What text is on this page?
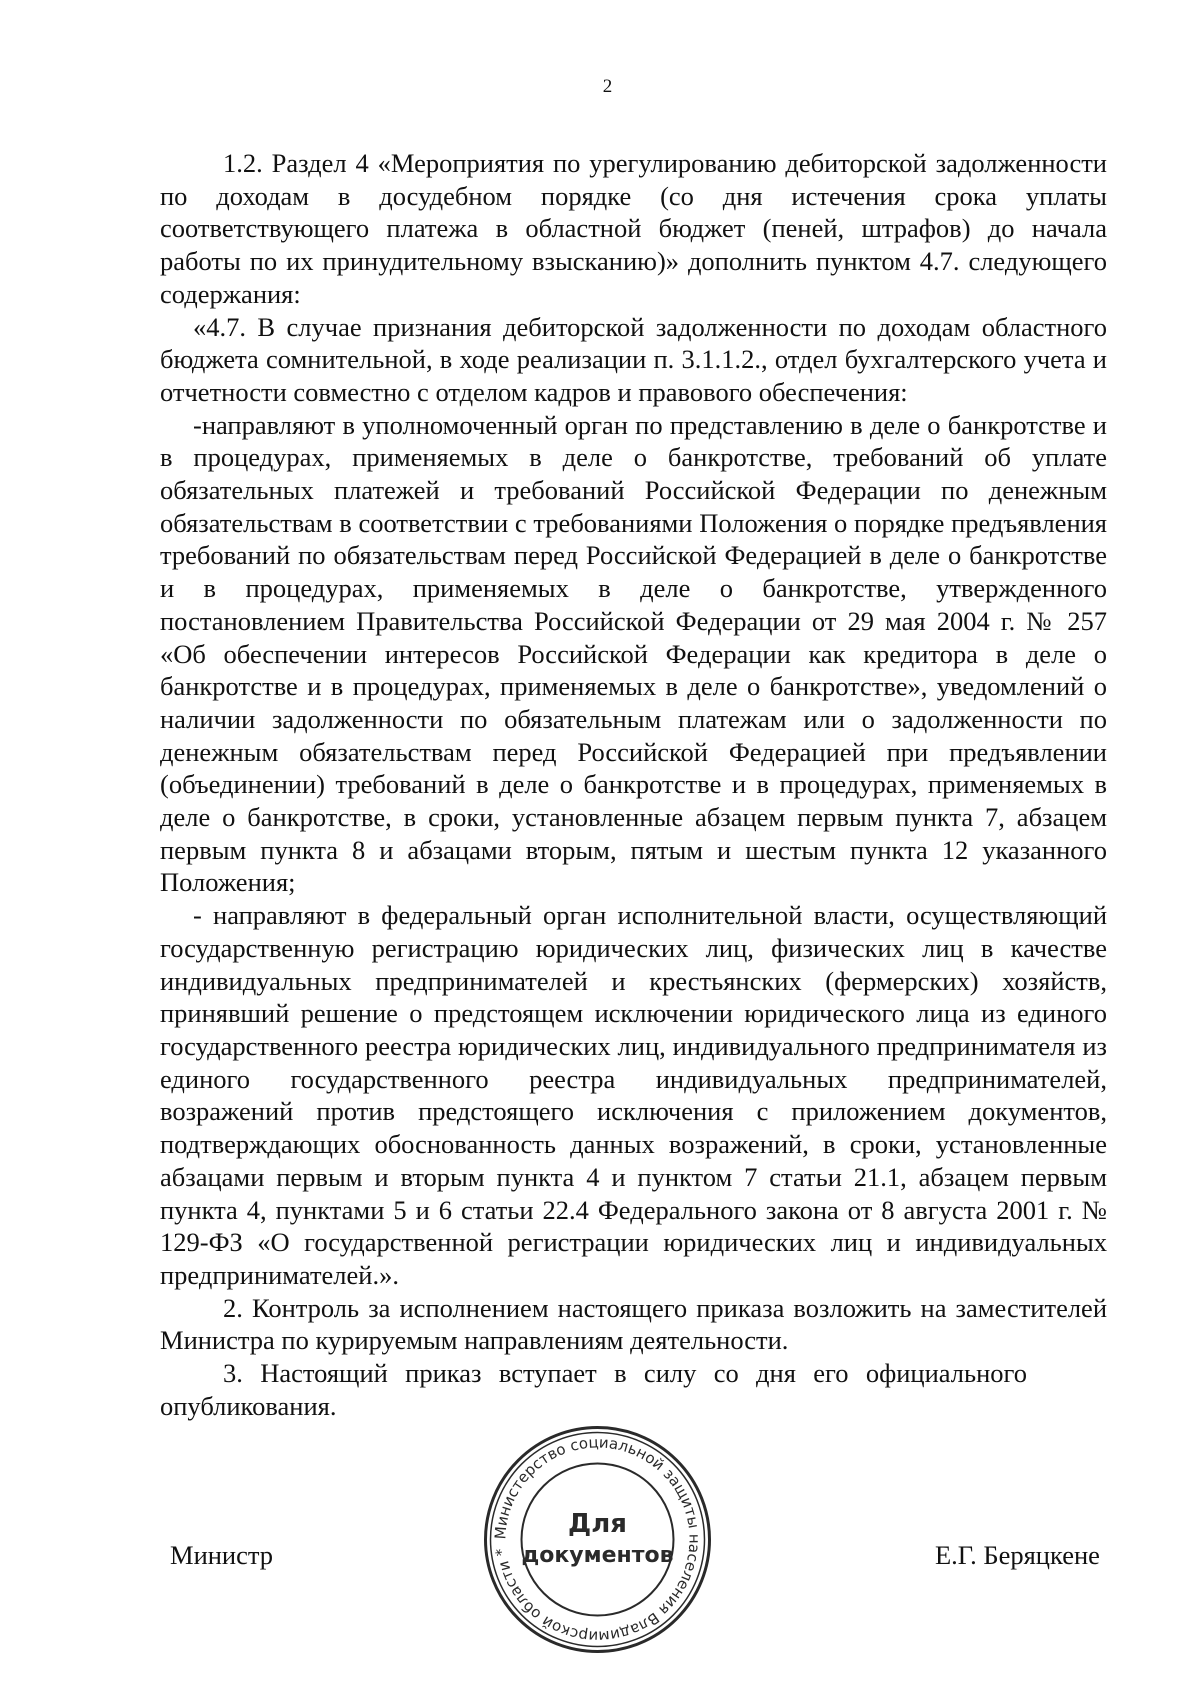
2

1.2. Раздел 4 «Мероприятия по урегулированию дебиторской задолженности по доходам в досудебном порядке (со дня истечения срока уплаты соответствующего платежа в областной бюджет (пеней, штрафов) до начала работы по их принудительному взысканию)» дополнить пунктом 4.7. следующего содержания:

«4.7. В случае признания дебиторской задолженности по доходам областного бюджета сомнительной, в ходе реализации п. 3.1.1.2., отдел бухгалтерского учета и отчетности совместно с отделом кадров и правового обеспечения:

-направляют в уполномоченный орган по представлению в деле о банкротстве и в процедурах, применяемых в деле о банкротстве, требований об уплате обязательных платежей и требований Российской Федерации по денежным обязательствам в соответствии с требованиями Положения о порядке предъявления требований по обязательствам перед Российской Федерацией в деле о банкротстве и в процедурах, применяемых в деле о банкротстве, утвержденного постановлением Правительства Российской Федерации от 29 мая 2004 г. № 257 «Об обеспечении интересов Российской Федерации как кредитора в деле о банкротстве и в процедурах, применяемых в деле о банкротстве», уведомлений о наличии задолженности по обязательным платежам или о задолженности по денежным обязательствам перед Российской Федерацией при предъявлении (объединении) требований в деле о банкротстве и в процедурах, применяемых в деле о банкротстве, в сроки, установленные абзацем первым пункта 7, абзацем первым пункта 8 и абзацами вторым, пятым и шестым пункта 12 указанного Положения;

- направляют в федеральный орган исполнительной власти, осуществляющий государственную регистрацию юридических лиц, физических лиц в качестве индивидуальных предпринимателей и крестьянских (фермерских) хозяйств, принявший решение о предстоящем исключении юридического лица из единого государственного реестра юридических лиц, индивидуального предпринимателя из единого государственного реестра индивидуальных предпринимателей, возражений против предстоящего исключения с приложением документов, подтверждающих обоснованность данных возражений, в сроки, установленные абзацами первым и вторым пункта 4 и пунктом 7 статьи 21.1, абзацем первым пункта 4, пунктами 5 и 6 статьи 22.4 Федерального закона от 8 августа 2001 г. № 129-ФЗ «О государственной регистрации юридических лиц и индивидуальных предпринимателей.».

2. Контроль за исполнением настоящего приказа возложить на заместителей Министра по курируемым направлениям деятельности.

3. Настоящий приказ вступает в силу со дня его официального опубликования.

Министр	Е.Г. Беряцкене
Министерство социальной защиты населения Владимирской области *
Для
документов
